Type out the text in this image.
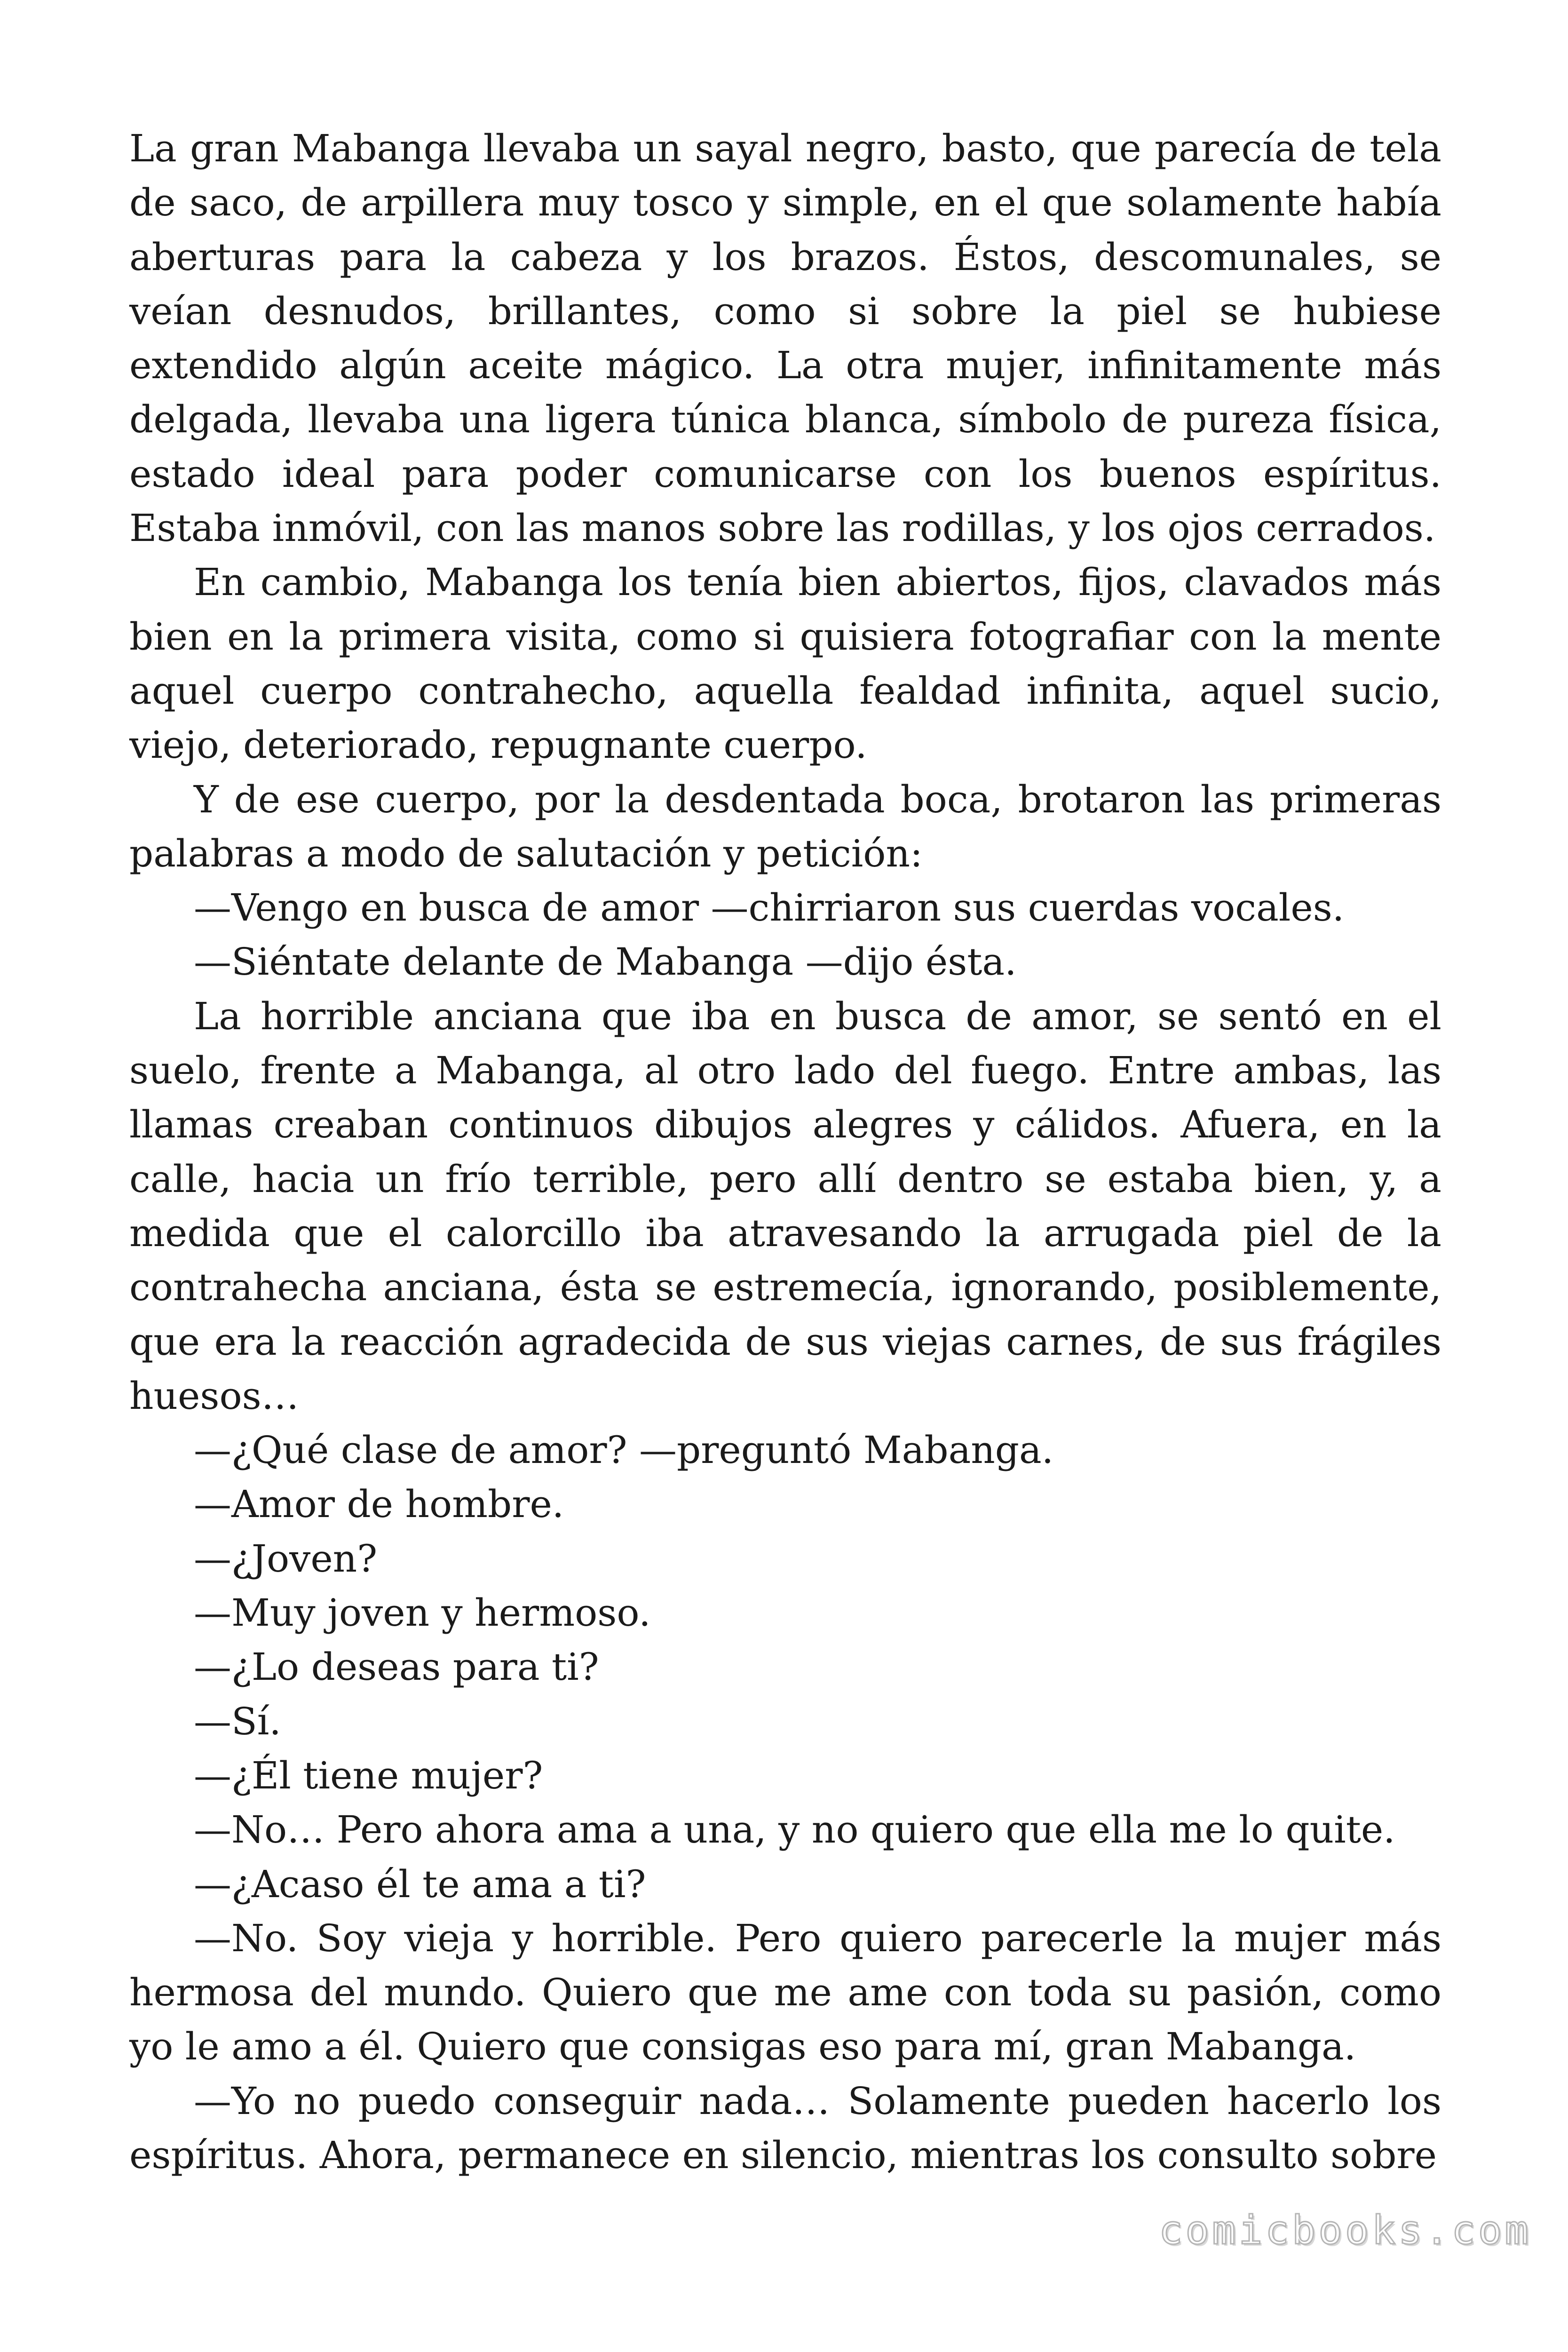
La gran Mabanga llevaba un sayal negro, basto, que parecía de tela de saco, de arpillera muy tosco y simple, en el que solamente había aberturas para la cabeza y los brazos. Éstos, descomunales, se veían desnudos, brillantes, como si sobre la piel se hubiese extendido algún aceite mágico. La otra mujer, infinitamente más delgada, llevaba una ligera túnica blanca, símbolo de pureza física, estado ideal para poder comunicarse con los buenos espíritus. Estaba inmóvil, con las manos sobre las rodillas, y los ojos cerrados.

En cambio, Mabanga los tenía bien abiertos, fijos, clavados más bien en la primera visita, como si quisiera fotografiar con la mente aquel cuerpo contrahecho, aquella fealdad infinita, aquel sucio, viejo, deteriorado, repugnante cuerpo.

Y de ese cuerpo, por la desdentada boca, brotaron las primeras palabras a modo de salutación y petición:

—Vengo en busca de amor —chirriaron sus cuerdas vocales.

—Siéntate delante de Mabanga —dijo ésta.

La horrible anciana que iba en busca de amor, se sentó en el suelo, frente a Mabanga, al otro lado del fuego. Entre ambas, las llamas creaban continuos dibujos alegres y cálidos. Afuera, en la calle, hacia un frío terrible, pero allí dentro se estaba bien, y, a medida que el calorcillo iba atravesando la arrugada piel de la contrahecha anciana, ésta se estremecía, ignorando, posiblemente, que era la reacción agradecida de sus viejas carnes, de sus frágiles huesos…

—¿Qué clase de amor? —preguntó Mabanga.

—Amor de hombre.

—¿Joven?

—Muy joven y hermoso.

—¿Lo deseas para ti?

—Sí.

—¿Él tiene mujer?

—No… Pero ahora ama a una, y no quiero que ella me lo quite.

—¿Acaso él te ama a ti?

—No. Soy vieja y horrible. Pero quiero parecerle la mujer más hermosa del mundo. Quiero que me ame con toda su pasión, como yo le amo a él. Quiero que consigas eso para mí, gran Mabanga.

—Yo no puedo conseguir nada… Solamente pueden hacerlo los espíritus. Ahora, permanece en silencio, mientras los consulto sobre

comicbooks.com
